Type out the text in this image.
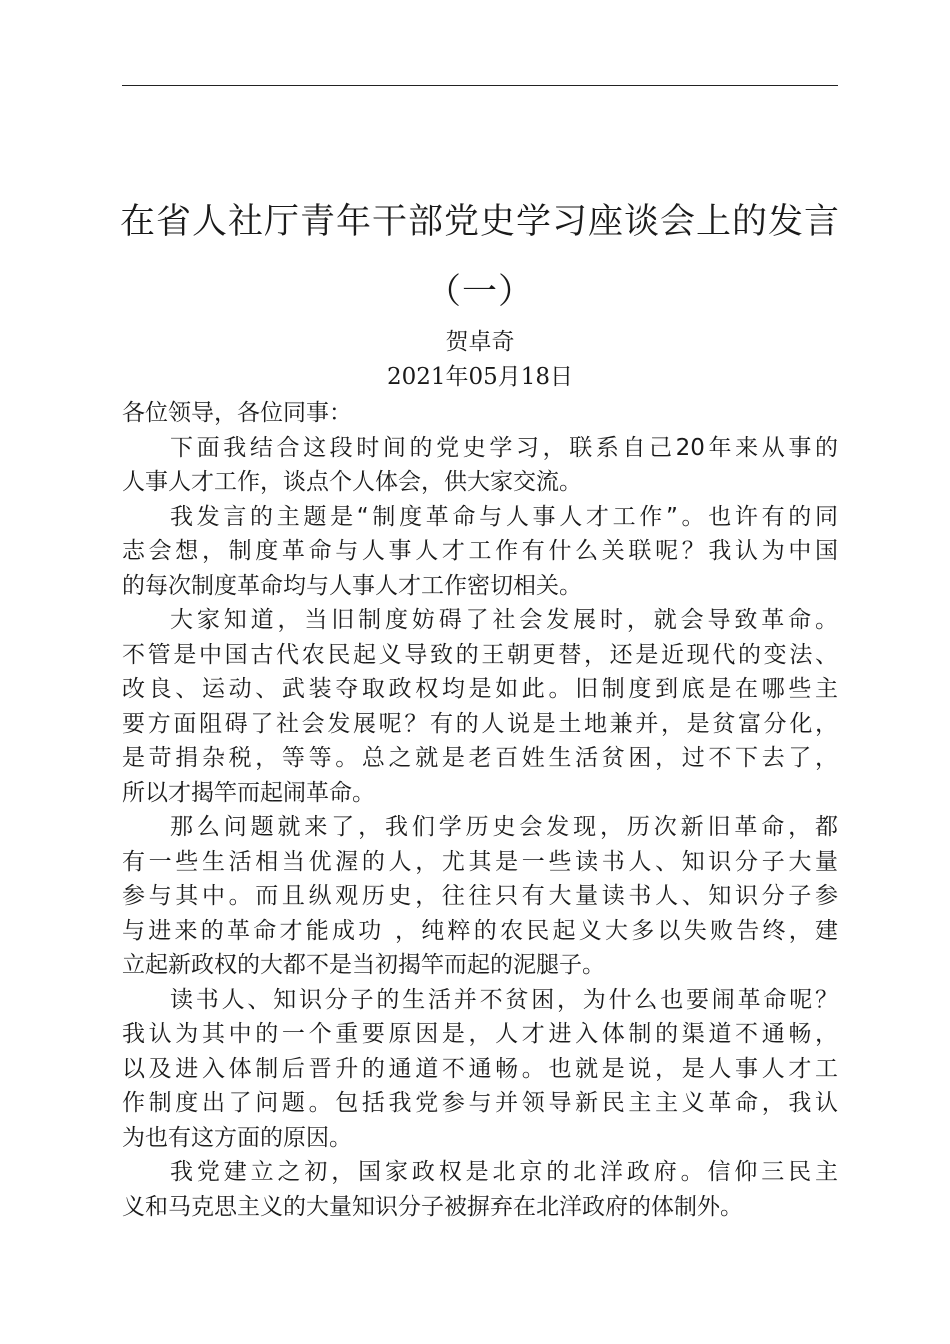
在省人社厅青年干部党史学习座谈会上的发言
（一）
贺卓奇
2021年05月18日
各位领导，各位同事：
下面我结合这段时间的党史学习，联系自己20年来从事的
人事人才工作，谈点个人体会，供大家交流。
我发言的主题是“制度革命与人事人才工作”。也许有的同
志会想，制度革命与人事人才工作有什么关联呢？我认为中国
的每次制度革命均与人事人才工作密切相关。
大家知道，当旧制度妨碍了社会发展时，就会导致革命。
不管是中国古代农民起义导致的王朝更替，还是近现代的变法、
改良、运动、武装夺取政权均是如此。旧制度到底是在哪些主
要方面阻碍了社会发展呢？有的人说是土地兼并，是贫富分化，
是苛捐杂税，等等。总之就是老百姓生活贫困，过不下去了，
所以才揭竿而起闹革命。
那么问题就来了，我们学历史会发现，历次新旧革命，都
有一些生活相当优渥的人，尤其是一些读书人、知识分子大量
参与其中。而且纵观历史，往往只有大量读书人、知识分子参
与进来的革命才能成功 ，纯粹的农民起义大多以失败告终，建
立起新政权的大都不是当初揭竿而起的泥腿子。
读书人、知识分子的生活并不贫困，为什么也要闹革命呢？
我认为其中的一个重要原因是，人才进入体制的渠道不通畅，
以及进入体制后晋升的通道不通畅。也就是说，是人事人才工
作制度出了问题。包括我党参与并领导新民主主义革命，我认
为也有这方面的原因。
我党建立之初，国家政权是北京的北洋政府。信仰三民主
义和马克思主义的大量知识分子被摒弃在北洋政府的体制外。
